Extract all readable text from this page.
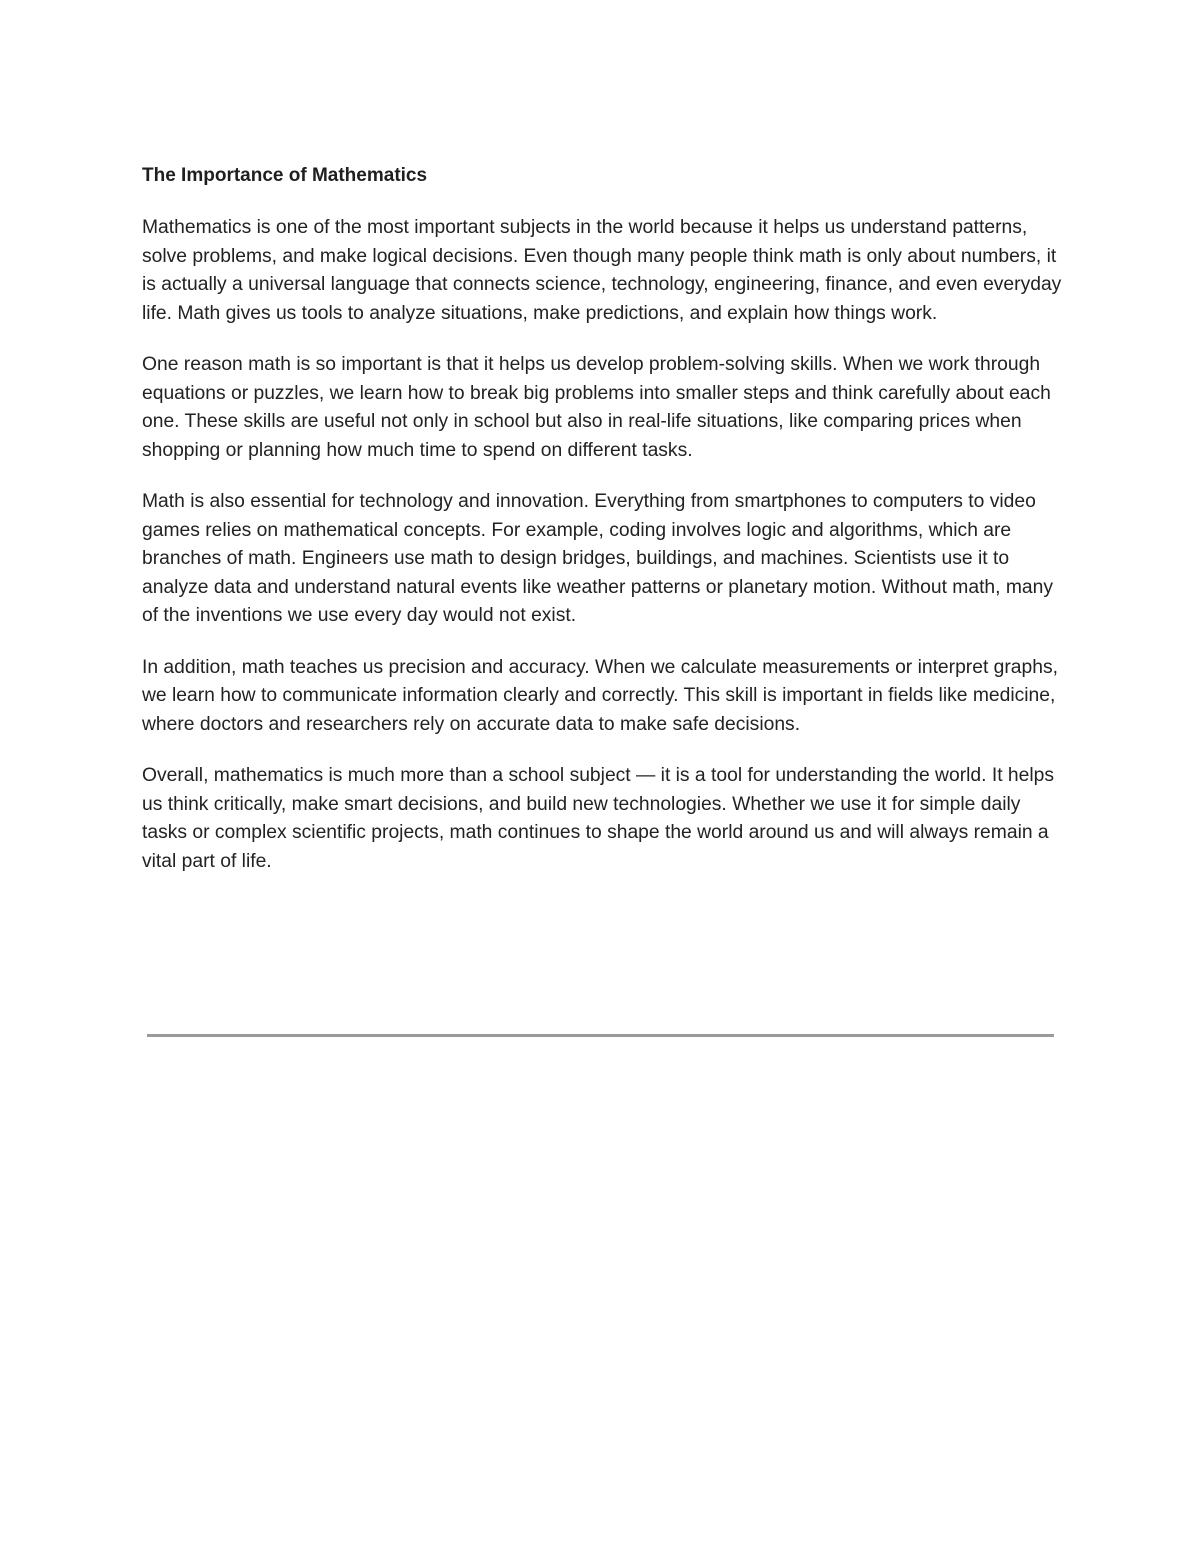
The Importance of Mathematics

Mathematics is one of the most important subjects in the world because it helps us understand patterns, solve problems, and make logical decisions. Even though many people think math is only about numbers, it is actually a universal language that connects science, technology, engineering, finance, and even everyday life. Math gives us tools to analyze situations, make predictions, and explain how things work.

One reason math is so important is that it helps us develop problem-solving skills. When we work through equations or puzzles, we learn how to break big problems into smaller steps and think carefully about each one. These skills are useful not only in school but also in real-life situations, like comparing prices when shopping or planning how much time to spend on different tasks.

Math is also essential for technology and innovation. Everything from smartphones to computers to video games relies on mathematical concepts. For example, coding involves logic and algorithms, which are branches of math. Engineers use math to design bridges, buildings, and machines. Scientists use it to analyze data and understand natural events like weather patterns or planetary motion. Without math, many of the inventions we use every day would not exist.

In addition, math teaches us precision and accuracy. When we calculate measurements or interpret graphs, we learn how to communicate information clearly and correctly. This skill is important in fields like medicine, where doctors and researchers rely on accurate data to make safe decisions.

Overall, mathematics is much more than a school subject — it is a tool for understanding the world. It helps us think critically, make smart decisions, and build new technologies. Whether we use it for simple daily tasks or complex scientific projects, math continues to shape the world around us and will always remain a vital part of life.
